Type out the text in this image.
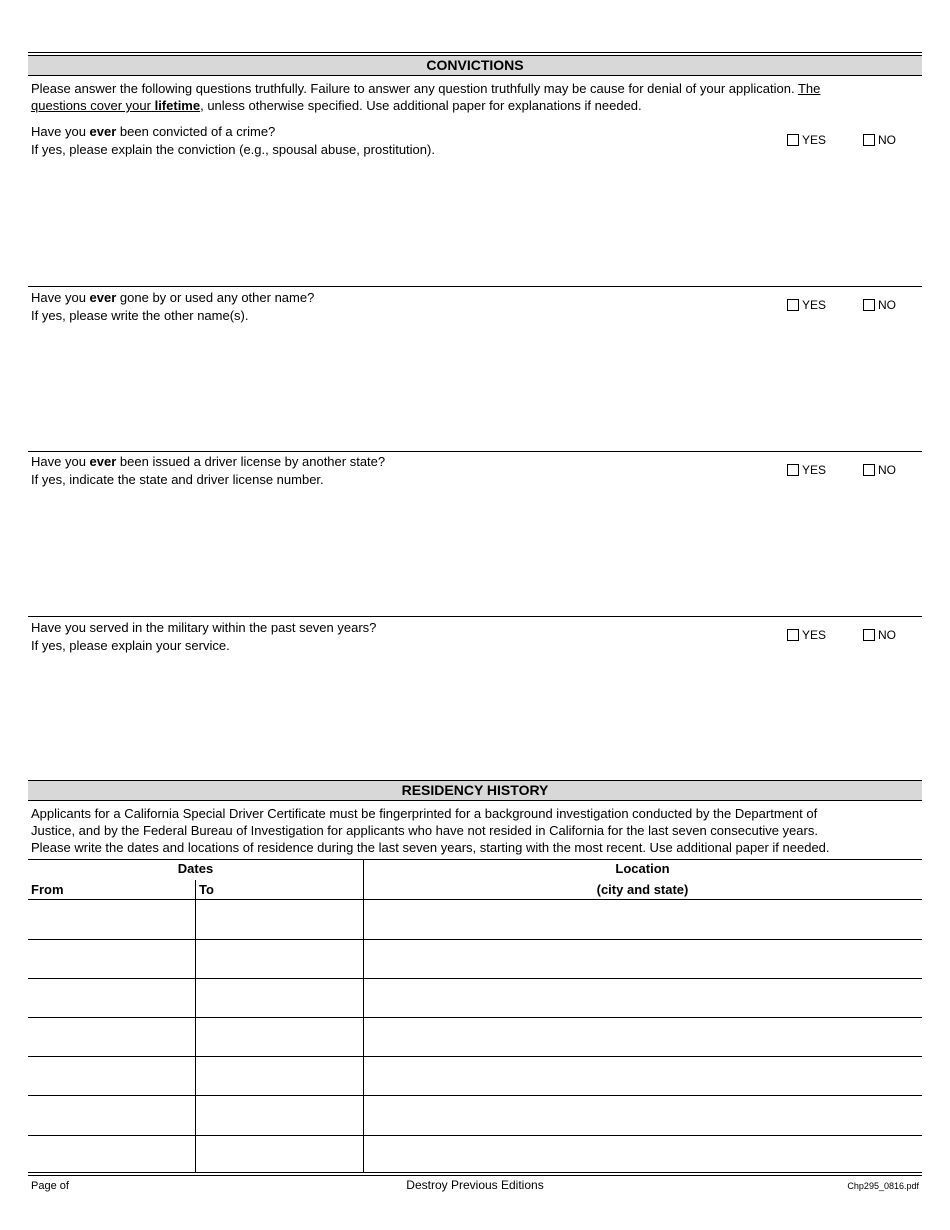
CONVICTIONS
Please answer the following questions truthfully. Failure to answer any question truthfully may be cause for denial of your application. The
questions cover your lifetime, unless otherwise specified. Use additional paper for explanations if needed.
Have you ever been convicted of a crime?
If yes, please explain the conviction (e.g., spousal abuse, prostitution).
YES	NO
Have you ever gone by or used any other name?
If yes, please write the other name(s).
YES	NO
Have you ever been issued a driver license by another state?
If yes, indicate the state and driver license number.
YES	NO
Have you served in the military within the past seven years?
If yes, please explain your service.
YES	NO
RESIDENCY HISTORY
Applicants for a California Special Driver Certificate must be fingerprinted for a background investigation conducted by the Department of
Justice, and by the Federal Bureau of Investigation for applicants who have not resided in California for the last seven consecutive years.
Please write the dates and locations of residence during the last seven years, starting with the most recent. Use additional paper if needed.
Dates
From	To
Location
(city and state)
Page of	Destroy Previous Editions	Chp295_0816.pdf
